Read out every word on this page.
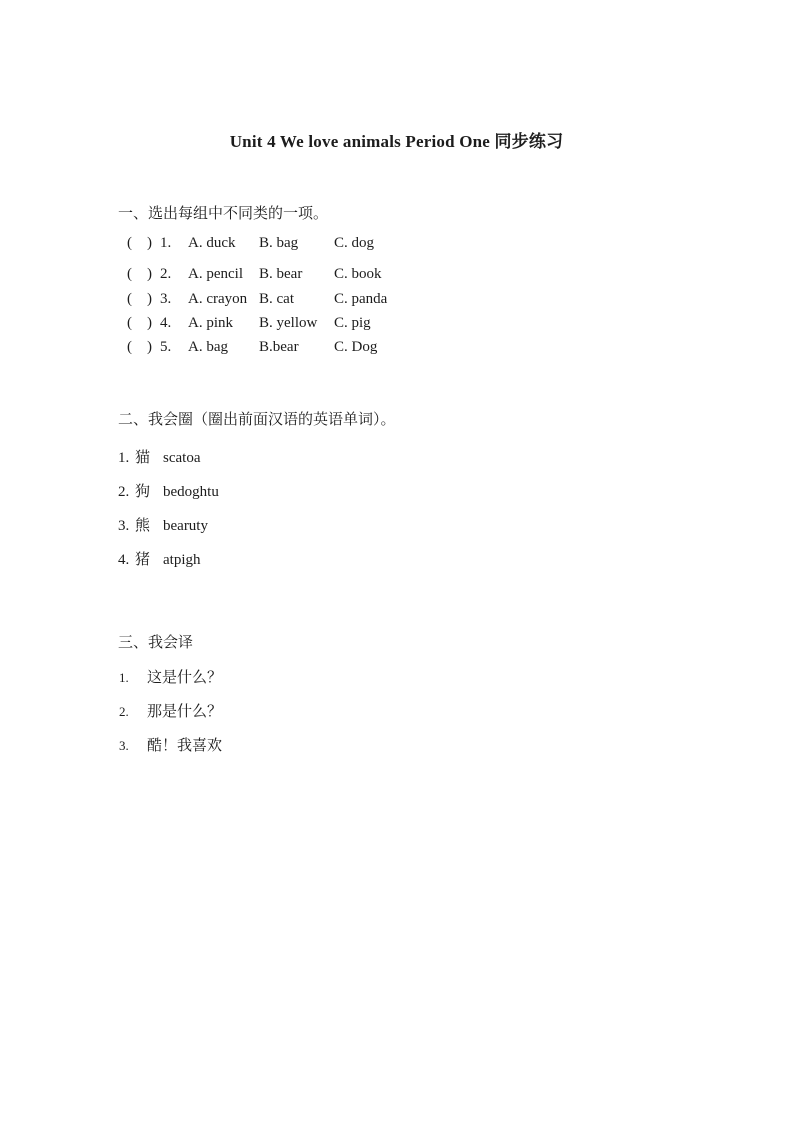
Unit 4 We love animals Period One 同步练习
一、选出每组中不同类的一项。
(    ) 1.	A. duck	B. bag	C. dog
(    ) 2.	A. pencil	B. bear	C. book
(    ) 3.	A. crayon B. cat	C. panda
(    ) 4.	A. pink	B. yellow	C. pig
(    ) 5.	A. bag	B.bear	C. Dog
二、我会圈（圈出前面汉语的英语单词）。
1. 猫 scatoa
2. 狗 bedoghtu
3. 熊 bearuty
4. 猪 atpigh
三、我会译
1.	这是什么？
2.	那是什么？
3.	酷！我喜欢
